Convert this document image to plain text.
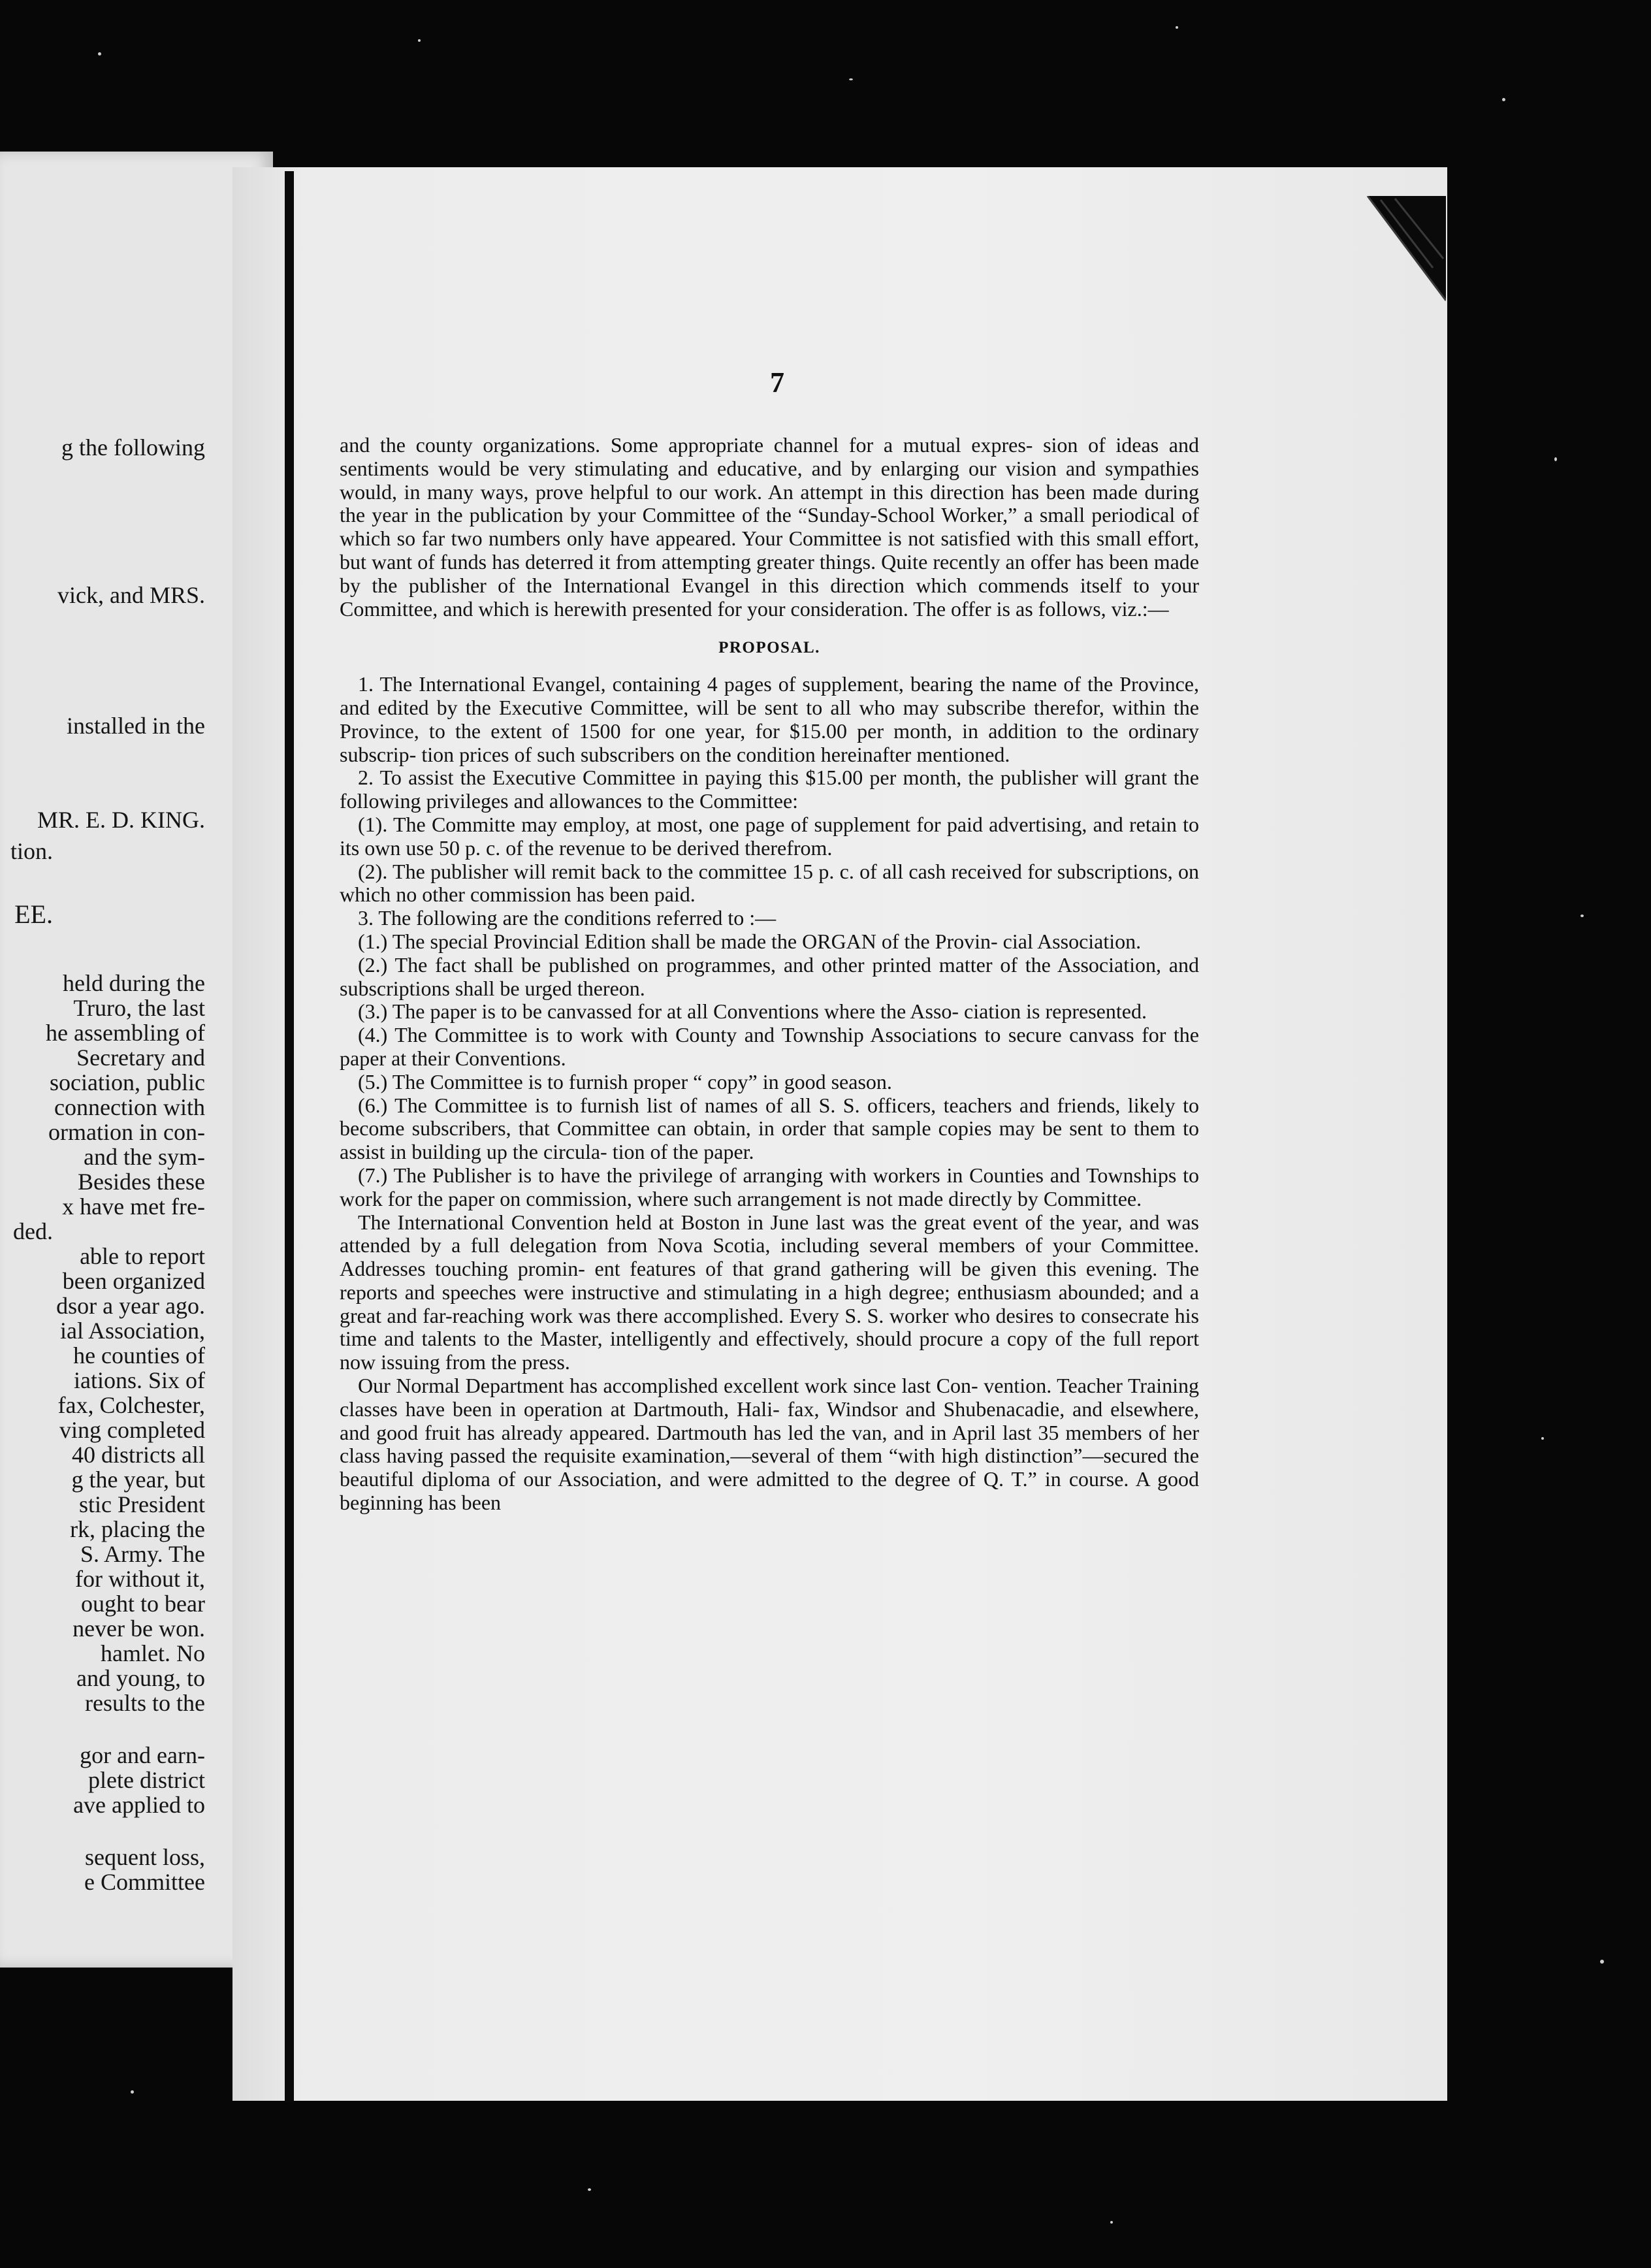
g the following
vick, and MRS.
installed in the
MR. E. D. KING.
tion.
EE.
held during the
Truro, the last
he assembling of
Secretary and
sociation, public
connection with
ormation in con-
and the sym-
Besides these
x have met fre-
ded.
able to report
been organized
dsor a year ago.
ial Association,
he counties of
iations. Six of
fax, Colchester,
ving completed
40 districts all
g the year, but
stic President
rk, placing the
S. Army. The
for without it,
ought to bear
never be won.
hamlet. No
and young, to
results to the
gor and earn-
plete district
ave applied to
sequent loss,
e Committee
7

and the county organizations. Some appropriate channel for a mutual expres- sion of ideas and sentiments would be very stimulating and educative, and by enlarging our vision and sympathies would, in many ways, prove helpful to our work. An attempt in this direction has been made during the year in the publication by your Committee of the “Sunday-School Worker,” a small periodical of which so far two numbers only have appeared. Your Committee is not satisfied with this small effort, but want of funds has deterred it from attempting greater things. Quite recently an offer has been made by the publisher of the International Evangel in this direction which commends itself to your Committee, and which is herewith presented for your consideration. The offer is as follows, viz.:—

PROPOSAL.

1. The International Evangel, containing 4 pages of supplement, bearing the name of the Province, and edited by the Executive Committee, will be sent to all who may subscribe therefor, within the Province, to the extent of 1500 for one year, for $15.00 per month, in addition to the ordinary subscrip- tion prices of such subscribers on the condition hereinafter mentioned.

2. To assist the Executive Committee in paying this $15.00 per month, the publisher will grant the following privileges and allowances to the Committee:

(1). The Committe may employ, at most, one page of supplement for paid advertising, and retain to its own use 50 p. c. of the revenue to be derived therefrom.

(2). The publisher will remit back to the committee 15 p. c. of all cash received for subscriptions, on which no other commission has been paid.

3. The following are the conditions referred to :—

(1.) The special Provincial Edition shall be made the ORGAN of the Provin- cial Association.

(2.) The fact shall be published on programmes, and other printed matter of the Association, and subscriptions shall be urged thereon.

(3.) The paper is to be canvassed for at all Conventions where the Asso- ciation is represented.

(4.) The Committee is to work with County and Township Associations to secure canvass for the paper at their Conventions.

(5.) The Committee is to furnish proper “ copy” in good season.

(6.) The Committee is to furnish list of names of all S. S. officers, teachers and friends, likely to become subscribers, that Committee can obtain, in order that sample copies may be sent to them to assist in building up the circula- tion of the paper.

(7.) The Publisher is to have the privilege of arranging with workers in Counties and Townships to work for the paper on commission, where such arrangement is not made directly by Committee.

The International Convention held at Boston in June last was the great event of the year, and was attended by a full delegation from Nova Scotia, including several members of your Committee. Addresses touching promin- ent features of that grand gathering will be given this evening. The reports and speeches were instructive and stimulating in a high degree; enthusiasm abounded; and a great and far-reaching work was there accomplished. Every S. S. worker who desires to consecrate his time and talents to the Master, intelligently and effectively, should procure a copy of the full report now issuing from the press.

Our Normal Department has accomplished excellent work since last Con- vention. Teacher Training classes have been in operation at Dartmouth, Hali- fax, Windsor and Shubenacadie, and elsewhere, and good fruit has already appeared. Dartmouth has led the van, and in April last 35 members of her class having passed the requisite examination,—several of them “with high distinction”—secured the beautiful diploma of our Association, and were admitted to the degree of Q. T.” in course. A good beginning has been
